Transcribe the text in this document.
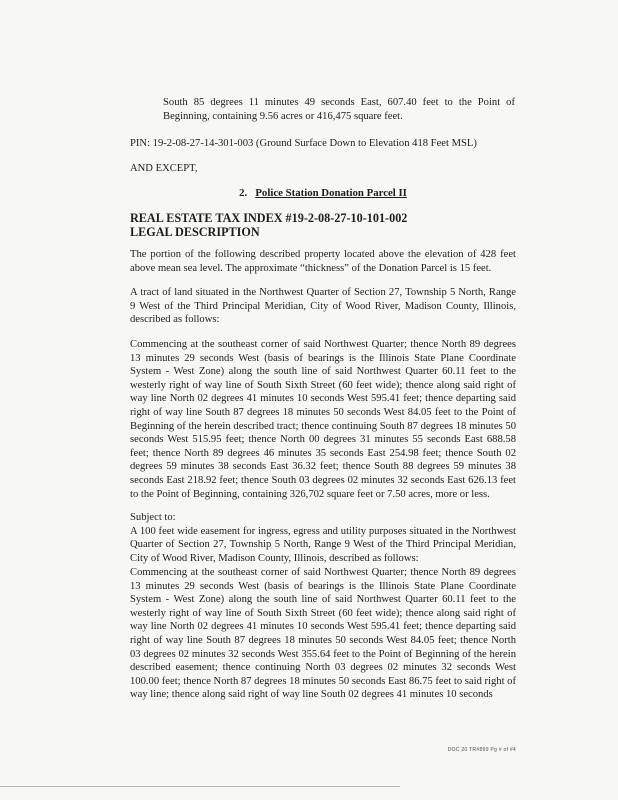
South 85 degrees 11 minutes 49 seconds East, 607.40 feet to the Point of Beginning, containing 9.56 acres or 416,475 square feet.
PIN: 19-2-08-27-14-301-003 (Ground Surface Down to Elevation 418 Feet MSL)
AND EXCEPT,
2. Police Station Donation Parcel II
REAL ESTATE TAX INDEX #19-2-08-27-10-101-002
LEGAL DESCRIPTION
The portion of the following described property located above the elevation of 428 feet above mean sea level. The approximate “thickness” of the Donation Parcel is 15 feet.
A tract of land situated in the Northwest Quarter of Section 27, Township 5 North, Range 9 West of the Third Principal Meridian, City of Wood River, Madison County, Illinois, described as follows:
Commencing at the southeast corner of said Northwest Quarter; thence North 89 degrees 13 minutes 29 seconds West (basis of bearings is the Illinois State Plane Coordinate System - West Zone) along the south line of said Northwest Quarter 60.11 feet to the westerly right of way line of South Sixth Street (60 feet wide); thence along said right of way line North 02 degrees 41 minutes 10 seconds West 595.41 feet; thence departing said right of way line South 87 degrees 18 minutes 50 seconds West 84.05 feet to the Point of Beginning of the herein described tract; thence continuing South 87 degrees 18 minutes 50 seconds West 515.95 feet; thence North 00 degrees 31 minutes 55 seconds East 688.58 feet; thence North 89 degrees 46 minutes 35 seconds East 254.98 feet; thence South 02 degrees 59 minutes 38 seconds East 36.32 feet; thence South 88 degrees 59 minutes 38 seconds East 218.92 feet; thence South 03 degrees 02 minutes 32 seconds East 626.13 feet to the Point of Beginning, containing 326,702 square feet or 7.50 acres, more or less.
Subject to:
A 100 feet wide easement for ingress, egress and utility purposes situated in the Northwest Quarter of Section 27, Township 5 North, Range 9 West of the Third Principal Meridian, City of Wood River, Madison County, Illinois, described as follows:
Commencing at the southeast corner of said Northwest Quarter; thence North 89 degrees 13 minutes 29 seconds West (basis of bearings is the Illinois State Plane Coordinate System - West Zone) along the south line of said Northwest Quarter 60.11 feet to the westerly right of way line of South Sixth Street (60 feet wide); thence along said right of way line North 02 degrees 41 minutes 10 seconds West 595.41 feet; thence departing said right of way line South 87 degrees 18 minutes 50 seconds West 84.05 feet; thence North 03 degrees 02 minutes 32 seconds West 355.64 feet to the Point of Beginning of the herein described easement; thence continuing North 03 degrees 02 minutes 32 seconds West 100.00 feet; thence North 87 degrees 18 minutes 50 seconds East 86.75 feet to said right of way line; thence along said right of way line South 02 degrees 41 minutes 10 seconds
DOC 20 TR#899 Pg # of #4
